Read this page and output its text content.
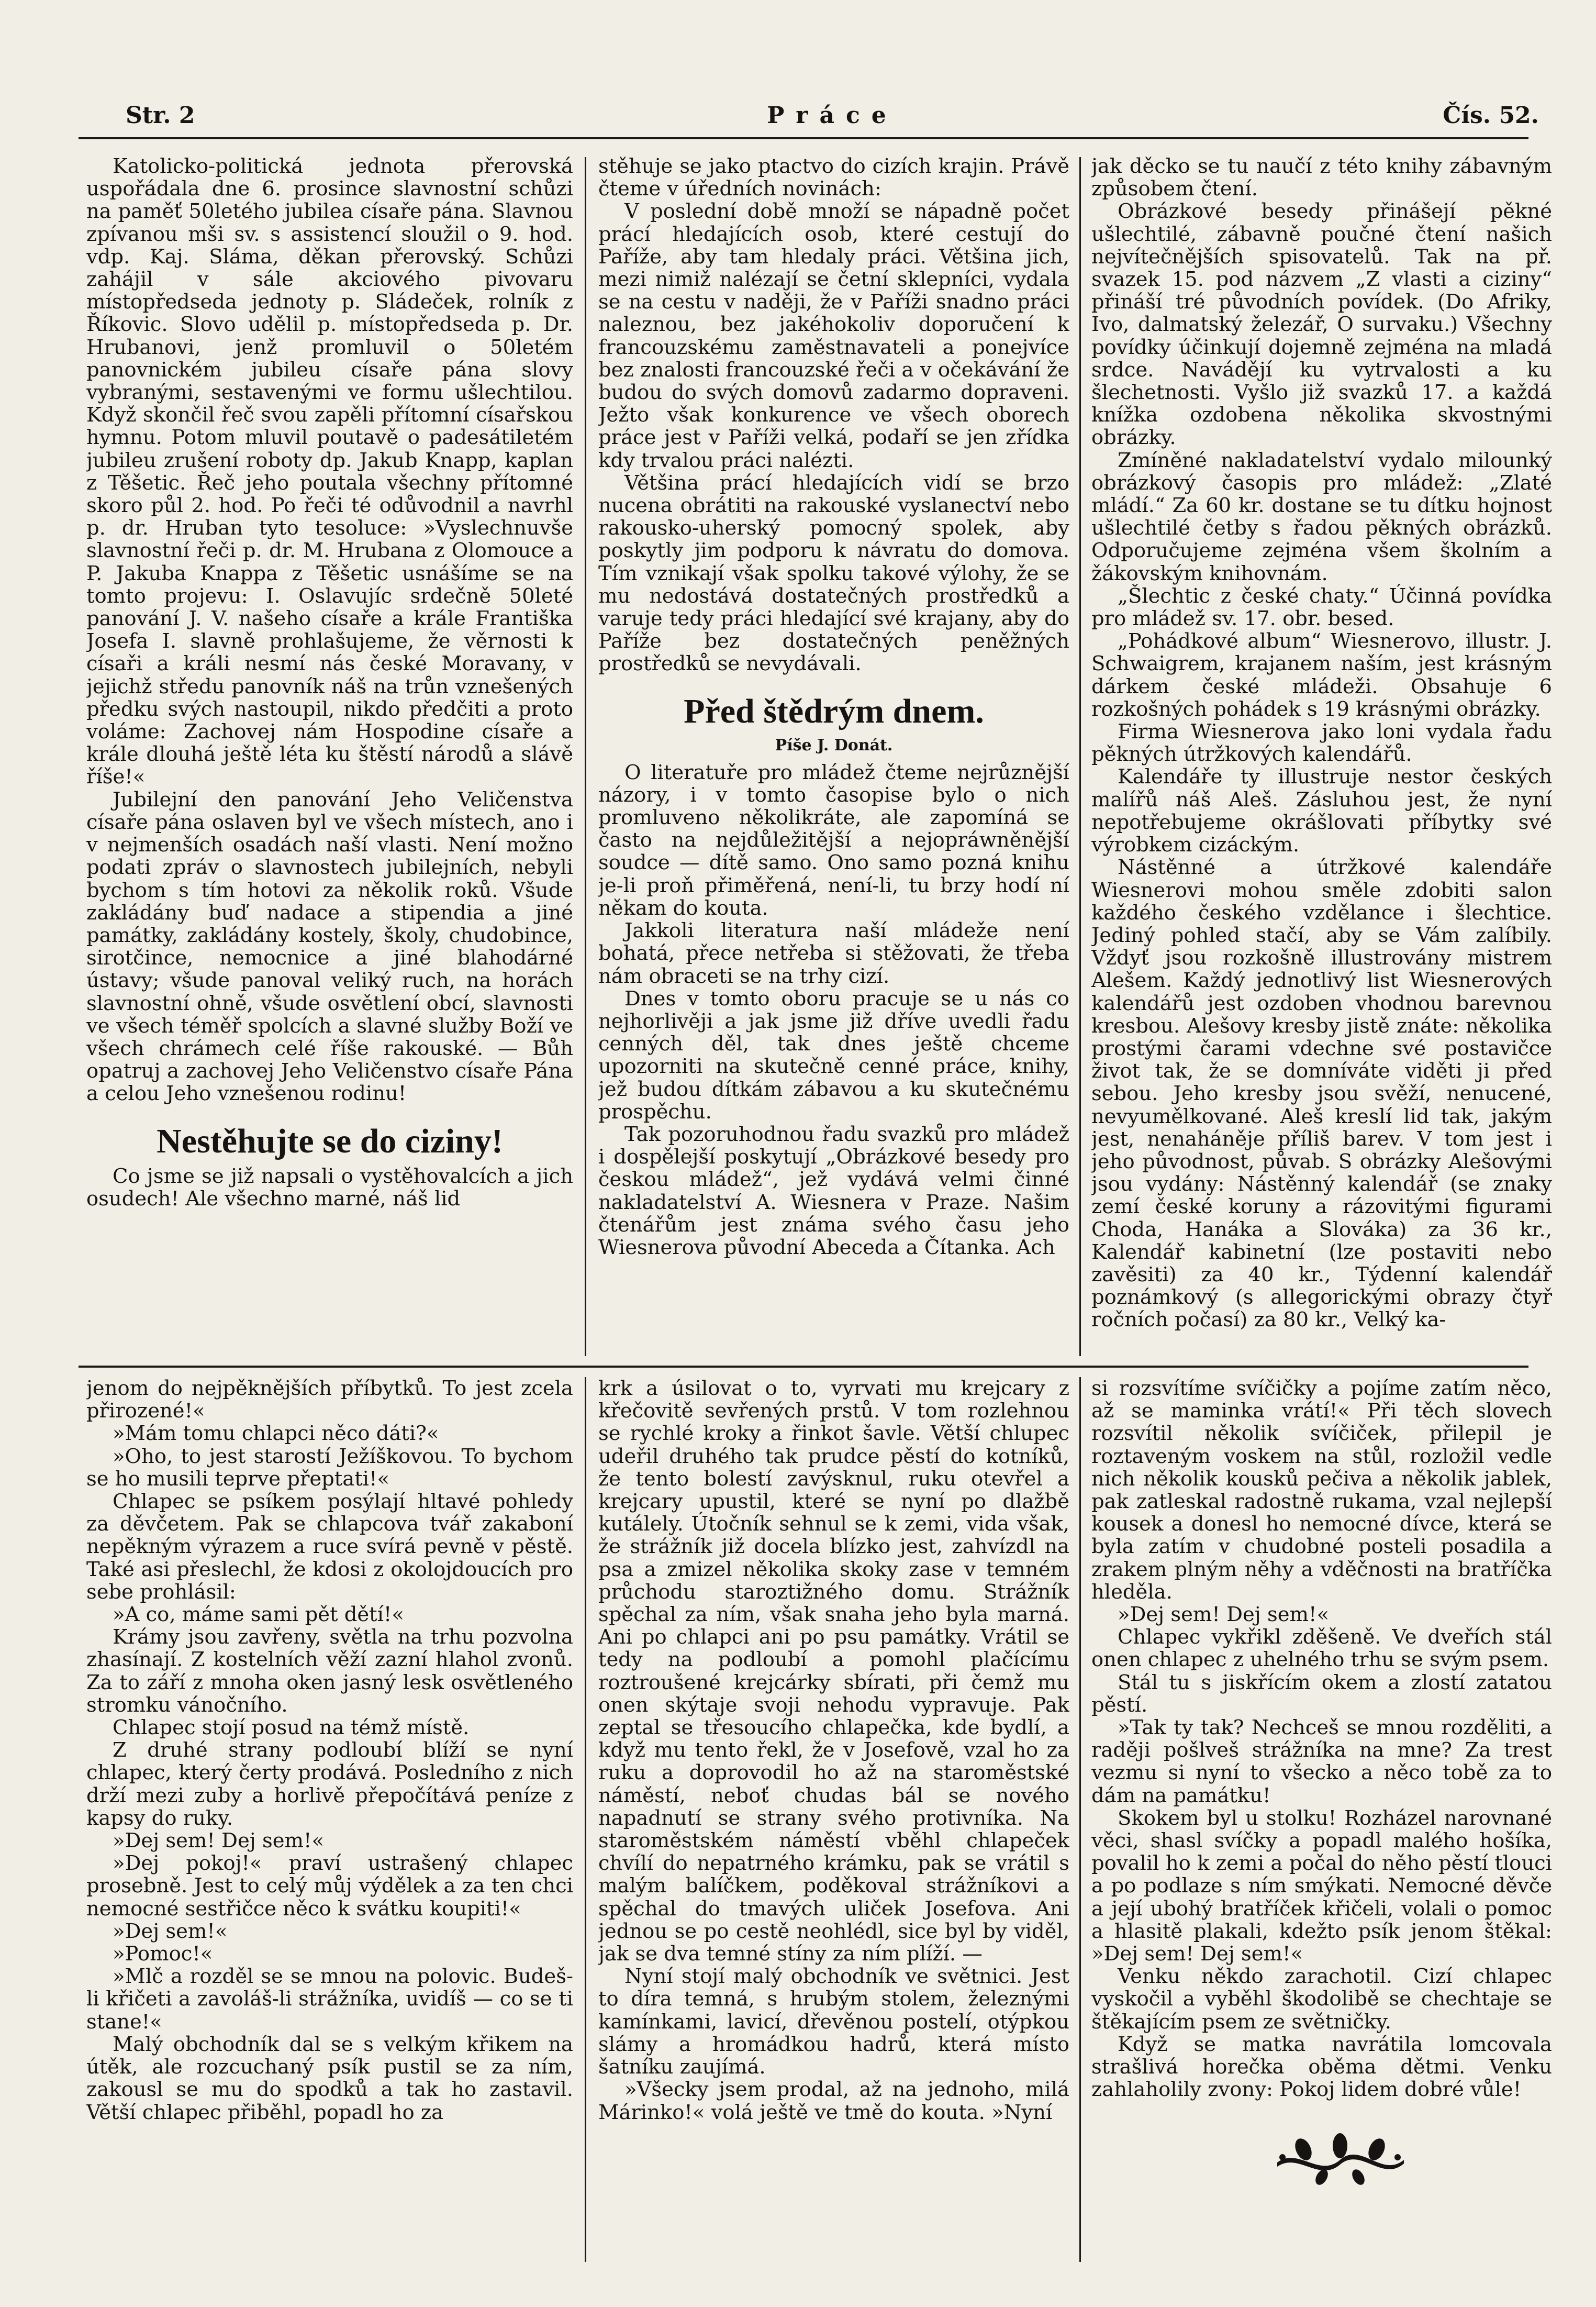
Str. 2	Práce	Čís. 52.

Katolicko-politická jednota přerovská uspořádala dne 6. prosince slavnostní schůzi na paměť 50letého jubilea císaře pána. Slavnou zpívanou mši sv. s assistencí sloužil o 9. hod. vdp. Kaj. Sláma, děkan přerovský. Schůzi zahájil v sále akciového pivovaru místopředseda jednoty p. Sládeček, rolník z Říkovic. Slovo udělil p. místopředseda p. Dr. Hrubanovi, jenž promluvil o 50letém panovnickém jubileu císaře pána slovy vybranými, sestavenými ve formu ušlechtilou. Když skončil řeč svou zapěli přítomní císařskou hymnu. Potom mluvil poutavě o padesátiletém jubileu zrušení roboty dp. Jakub Knapp, kaplan z Těšetic. Řeč jeho poutala všechny přítomné skoro půl 2. hod. Po řeči té odůvodnil a navrhl p. dr. Hruban tyto tesoluce: »Vyslechnuvše slavnostní řeči p. dr. M. Hrubana z Olomouce a P. Jakuba Knappa z Těšetic usnášíme se na tomto projevu: I. Oslavujíc srdečně 50leté panování J. V. našeho císaře a krále Františka Josefa I. slavně prohlašujeme, že věrnosti k císaři a králi nesmí nás české Moravany, v jejichž středu panovník náš na trůn vznešených předku svých nastoupil, nikdo předčiti a proto voláme: Zachovej nám Hospodine císaře a krále dlouhá ještě léta ku štěstí národů a slávě říše!«

Jubilejní den panování Jeho Veličenstva císaře pána oslaven byl ve všech místech, ano i v nejmenších osadách naší vlasti. Není možno podati zpráv o slavnostech jubilejních, nebyli bychom s tím hotovi za několik roků. Všude zakládány buď nadace a stipendia a jiné památky, zakládány kostely, školy, chudobince, sirotčince, nemocnice a jiné blahodárné ústavy; všude panoval veliký ruch, na horách slavnostní ohně, všude osvětlení obcí, slavnosti ve všech téměř spolcích a slavné služby Boží ve všech chrámech celé říše rakouské. — Bůh opatruj a zachovej Jeho Veličenstvo císaře Pána a celou Jeho vznešenou rodinu!

Nestěhujte se do ciziny!

Co jsme se již napsali o vystěhovalcích a jich osudech! Ale všechno marné, náš lid

stěhuje se jako ptactvo do cizích krajin. Právě čteme v úředních novinách:

V poslední době množí se nápadně počet prácí hledajících osob, které cestují do Paříže, aby tam hledaly práci. Většina jich, mezi nimiž nalézají se četní sklepníci, vydala se na cestu v naději, že v Paříži snadno práci naleznou, bez jakéhokoliv doporučení k francouzskému zaměstnavateli a ponejvíce bez znalosti francouzské řeči a v očekávání že budou do svých domovů zadarmo dopraveni. Ježto však konkurence ve všech oborech práce jest v Paříži velká, podaří se jen zřídka kdy trvalou práci nalézti.

Většina prácí hledajících vidí se brzo nucena obrátiti na rakouské vyslanectví nebo rakousko-uherský pomocný spolek, aby poskytly jim podporu k návratu do domova. Tím vznikají však spolku takové výlohy, že se mu nedostává dostatečných prostředků a varuje tedy práci hledající své krajany, aby do Paříže bez dostatečných peněžných prostředků se nevydávali.

Před štědrým dnem.
Píše J. Donát.

O literatuře pro mládež čteme nejrůznější názory, i v tomto časopise bylo o nich promluveno několikráte, ale zapomíná se často na nejdůležitější a nejopráwněnější soudce — dítě samo. Ono samo pozná knihu je-li proň přiměřená, není-li, tu brzy hodí ní někam do kouta.

Jakkoli literatura naší mládeže není bohatá, přece netřeba si stěžovati, že třeba nám obraceti se na trhy cizí.

Dnes v tomto oboru pracuje se u nás co nejhorlivěji a jak jsme již dříve uvedli řadu cenných děl, tak dnes ještě chceme upozorniti na skutečně cenné práce, knihy, jež budou dítkám zábavou a ku skutečnému prospěchu.

Tak pozoruhodnou řadu svazků pro mládež i dospělejší poskytují „Obrázkové besedy pro českou mládež“, jež vydává velmi činné nakladatelství A. Wiesnera v Praze. Našim čtenářům jest známa svého času jeho Wiesnerova původní Abeceda a Čítanka. Ach

jak děcko se tu naučí z této knihy zábavným způsobem čtení.

Obrázkové besedy přinášejí pěkné ušlechtilé, zábavně poučné čtení našich nejvítečnějších spisovatelů. Tak na př. svazek 15. pod názvem „Z vlasti a ciziny“ přináší tré původních povídek. (Do Afriky, Ivo, dalmatský železář, O survaku.) Všechny povídky účinkují dojemně zejména na mladá srdce. Navádějí ku vytrvalosti a ku šlechetnosti. Vyšlo již svazků 17. a každá knížka ozdobena několika skvostnými obrázky.

Zmíněné nakladatelství vydalo milounký obrázkový časopis pro mládež: „Zlaté mládí.“ Za 60 kr. dostane se tu dítku hojnost ušlechtilé četby s řadou pěkných obrázků. Odporučujeme zejména všem školním a žákovským knihovnám.

„Šlechtic z české chaty.“ Účinná povídka pro mládež sv. 17. obr. besed.

„Pohádkové album“ Wiesnerovo, illustr. J. Schwaigrem, krajanem naším, jest krásným dárkem české mládeži. Obsahuje 6 rozkošných pohádek s 19 krásnými obrázky.

Firma Wiesnerova jako loni vydala řadu pěkných útržkových kalendářů.

Kalendáře ty illustruje nestor českých malířů náš Aleš. Zásluhou jest, že nyní nepotřebujeme okrášlovati příbytky své výrobkem cizáckým.

Nástěnné a útržkové kalendáře Wiesnerovi mohou směle zdobiti salon každého českého vzdělance i šlechtice. Jediný pohled stačí, aby se Vám zalíbily. Vždyť jsou rozkošně illustrovány mistrem Alešem. Každý jednotlivý list Wiesnerových kalendářů jest ozdoben vhodnou barevnou kresbou. Alešovy kresby jistě znáte: několika prostými čarami vdechne své postavičce život tak, že se domníváte viděti ji před sebou. Jeho kresby jsou svěží, nenucené, nevyumělkované. Aleš kreslí lid tak, jakým jest, nenaháněje příliš barev. V tom jest i jeho původnost, půvab. S obrázky Alešovými jsou vydány: Nástěnný kalendář (se znaky zemí české koruny a rázovitými figurami Choda, Hanáka a Slováka) za 36 kr., Kalendář kabinetní (lze postaviti nebo zavěsiti) za 40 kr., Týdenní kalendář poznámkový (s allegorickými obrazy čtyř ročních počasí) za 80 kr., Velký ka-

jenom do nejpěknějších příbytků. To jest zcela přirozené!«

»Mám tomu chlapci něco dáti?«

»Oho, to jest starostí Ježíškovou. To bychom se ho musili teprve přeptati!«

Chlapec se psíkem posýlají hltavé pohledy za děvčetem. Pak se chlapcova tvář zakaboní nepěkným výrazem a ruce svírá pevně v pěstě. Také asi přeslechl, že kdosi z okolojdoucích pro sebe prohlásil:

»A co, máme sami pět dětí!«

Krámy jsou zavřeny, světla na trhu pozvolna zhasínají. Z kostelních věží zazní hlahol zvonů. Za to září z mnoha oken jasný lesk osvětleného stromku vánočního.

Chlapec stojí posud na témž místě.

Z druhé strany podloubí blíží se nyní chlapec, který čerty prodává. Posledního z nich drží mezi zuby a horlivě přepočítává peníze z kapsy do ruky.

»Dej sem! Dej sem!«

»Dej pokoj!« praví ustrašený chlapec prosebně. Jest to celý můj výdělek a za ten chci nemocné sestřičce něco k svátku koupiti!«

»Dej sem!«

»Pomoc!«

»Mlč a rozděl se se mnou na polovic. Budeš-li křičeti a zavoláš-li strážníka, uvidíš — co se ti stane!«

Malý obchodník dal se s velkým křikem na útěk, ale rozcuchaný psík pustil se za ním, zakousl se mu do spodků a tak ho zastavil. Větší chlapec přiběhl, popadl ho za

krk a úsilovat o to, vyrvati mu krejcary z křečovitě sevřených prstů. V tom rozlehnou se rychlé kroky a řinkot šavle. Větší chlupec udeřil druhého tak prudce pěstí do kotníků, že tento bolestí zavýsknul, ruku otevřel a krejcary upustil, které se nyní po dlažbě kutálely. Útočník sehnul se k zemi, vida však, že strážník již docela blízko jest, zahvízdl na psa a zmizel několika skoky zase v temném průchodu staroztižného domu. Strážník spěchal za ním, však snaha jeho byla marná. Ani po chlapci ani po psu památky. Vrátil se tedy na podloubí a pomohl plačícímu roztroušené krejcárky sbírati, při čemž mu onen skýtaje svoji nehodu vypravuje. Pak zeptal se třesoucího chlapečka, kde bydlí, a když mu tento řekl, že v Josefově, vzal ho za ruku a doprovodil ho až na staroměstské náměstí, neboť chudas bál se nového napadnutí se strany svého protivníka. Na staroměstském náměstí vběhl chlapeček chvílí do nepatrného krámku, pak se vrátil s malým balíčkem, poděkoval strážníkovi a spěchal do tmavých uliček Josefova. Ani jednou se po cestě neohlédl, sice byl by viděl, jak se dva temné stíny za ním plíží. —

Nyní stojí malý obchodník ve světnici. Jest to díra temná, s hrubým stolem, železnými kamínkami, lavicí, dřevěnou postelí, otýpkou slámy a hromádkou hadrů, která místo šatníku zaujímá.

»Všecky jsem prodal, až na jednoho, milá Márinko!« volá ještě ve tmě do kouta. »Nyní

si rozsvítíme svíčičky a pojíme zatím něco, až se maminka vrátí!« Při těch slovech rozsvítil několik svíčiček, přilepil je roztaveným voskem na stůl, rozložil vedle nich několik kousků pečiva a několik jablek, pak zatleskal radostně rukama, vzal nejlepší kousek a donesl ho nemocné dívce, která se byla zatím v chudobné posteli posadila a zrakem plným něhy a vděčnosti na bratříčka hleděla.

»Dej sem! Dej sem!«

Chlapec vykřikl zděšeně. Ve dveřích stál onen chlapec z uhelného trhu se svým psem.

Stál tu s jiskřícím okem a zlostí zatatou pěstí.

»Tak ty tak? Nechceš se mnou rozděliti, a raději pošlveš strážníka na mne? Za trest vezmu si nyní to všecko a něco tobě za to dám na památku!

Skokem byl u stolku! Rozházel narovnané věci, shasl svíčky a popadl malého hošíka, povalil ho k zemi a počal do něho pěstí tlouci a po podlaze s ním smýkati. Nemocné děvče a její ubohý bratříček křičeli, volali o pomoc a hlasitě plakali, kdežto psík jenom štěkal: »Dej sem! Dej sem!«

Venku někdo zarachotil. Cizí chlapec vyskočil a vyběhl škodolibě se chechtaje se štěkajícím psem ze světničky.

Když se matka navrátila lomcovala strašlivá horečka oběma dětmi. Venku zahlaholily zvony: Pokoj lidem dobré vůle!
